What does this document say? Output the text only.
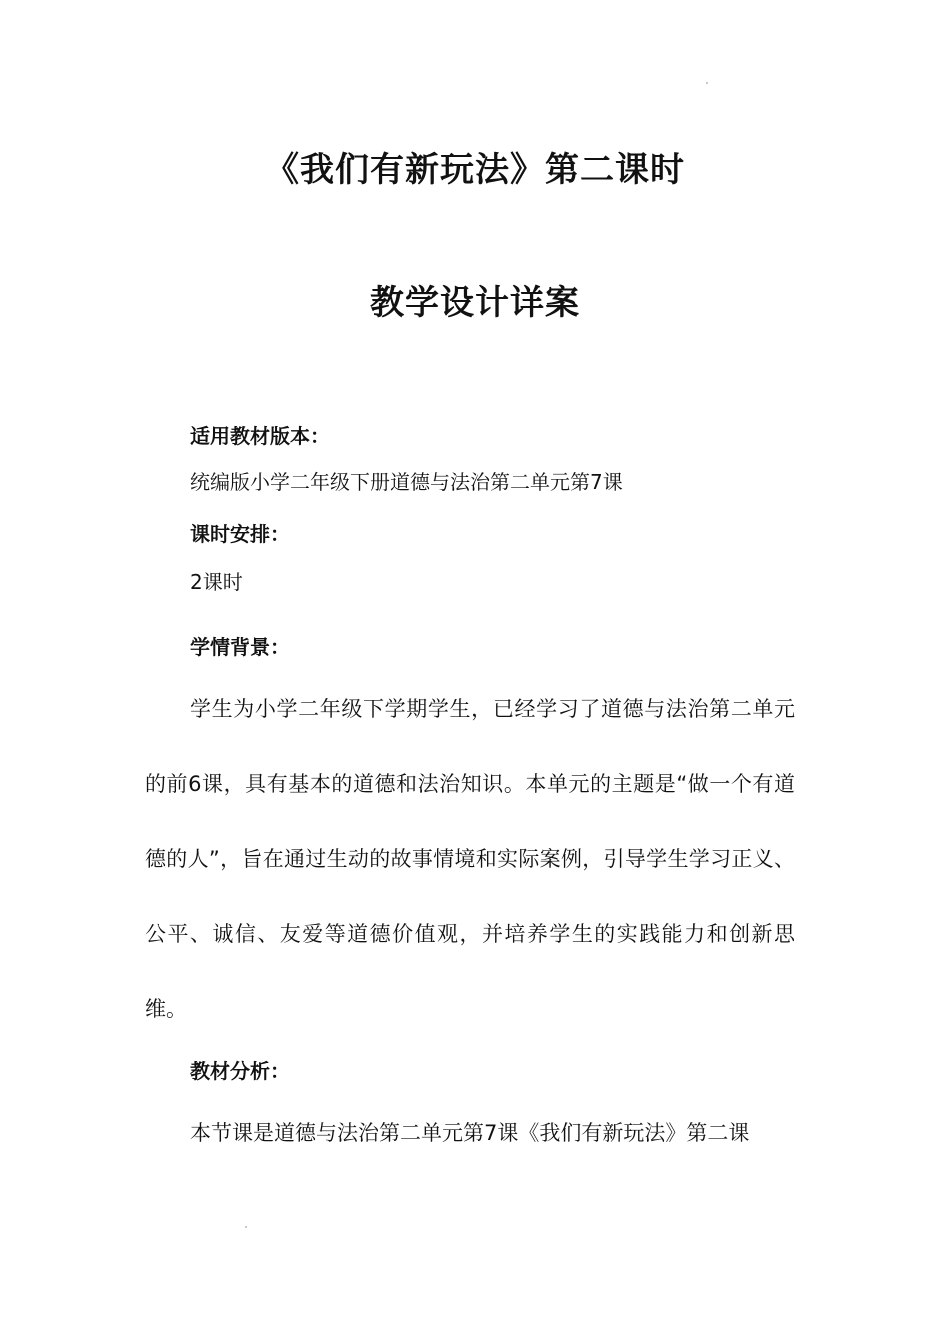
《我们有新玩法》第二课时
教学设计详案

适用教材版本：

统编版小学二年级下册道德与法治第二单元第7课

课时安排：

2课时

学情背景：

学生为小学二年级下学期学生，已经学习了道德与法治第二单元的前6课，具有基本的道德和法治知识。本单元的主题是“做一个有道德的人”，旨在通过生动的故事情境和实际案例，引导学生学习正义、公平、诚信、友爱等道德价值观，并培养学生的实践能力和创新思维。

教材分析：

本节课是道德与法治第二单元第7课《我们有新玩法》第二课
